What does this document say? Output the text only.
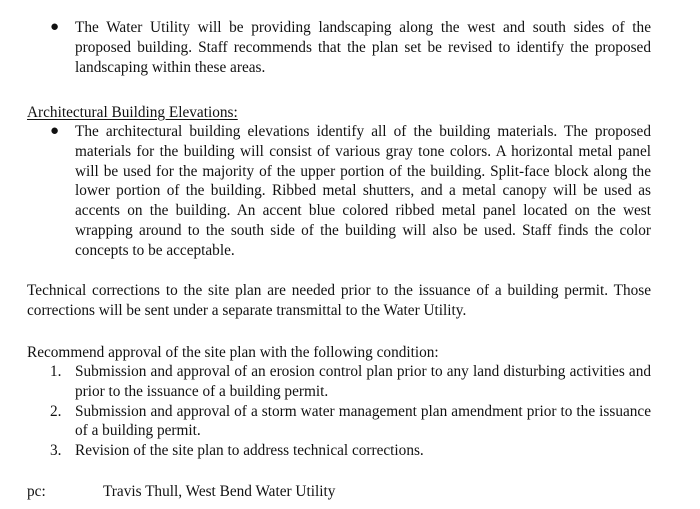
● The Water Utility will be providing landscaping along the west and south sides of the proposed building. Staff recommends that the plan set be revised to identify the proposed landscaping within these areas.
Architectural Building Elevations:
● The architectural building elevations identify all of the building materials. The proposed materials for the building will consist of various gray tone colors. A horizontal metal panel will be used for the majority of the upper portion of the building. Split-face block along the lower portion of the building. Ribbed metal shutters, and a metal canopy will be used as accents on the building. An accent blue colored ribbed metal panel located on the west wrapping around to the south side of the building will also be used. Staff finds the color concepts to be acceptable.
Technical corrections to the site plan are needed prior to the issuance of a building permit. Those corrections will be sent under a separate transmittal to the Water Utility.
Recommend approval of the site plan with the following condition:
1. Submission and approval of an erosion control plan prior to any land disturbing activities and prior to the issuance of a building permit.
2. Submission and approval of a storm water management plan amendment prior to the issuance of a building permit.
3. Revision of the site plan to address technical corrections.
pc:	Travis Thull, West Bend Water Utility
